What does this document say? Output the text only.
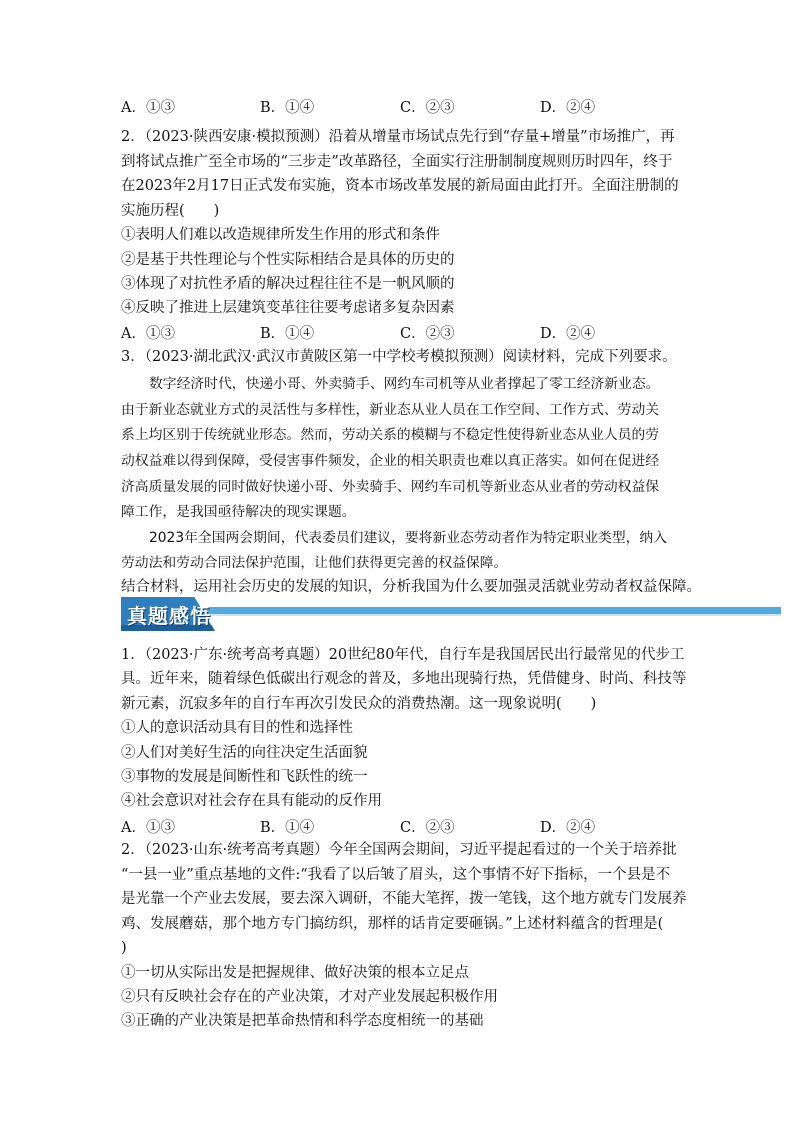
A．①③	B．①④	C．②③	D．②④
2．（2023·陕西安康·模拟预测）沿着从增量市场试点先行到“存量+增量”市场推广，再
到将试点推广至全市场的“三步走”改革路径，全面实行注册制制度规则历时四年，终于
在2023年2月17日正式发布实施，资本市场改革发展的新局面由此打开。全面注册制的
实施历程(　　)
①表明人们难以改造规律所发生作用的形式和条件
②是基于共性理论与个性实际相结合是具体的历史的
③体现了对抗性矛盾的解决过程往往不是一帆风顺的
④反映了推进上层建筑变革往往要考虑诸多复杂因素
A．①③	B．①④	C．②③	D．②④
3．（2023·湖北武汉·武汉市黄陂区第一中学校考模拟预测）阅读材料，完成下列要求。
数字经济时代，快递小哥、外卖骑手、网约车司机等从业者撑起了零工经济新业态。
由于新业态就业方式的灵活性与多样性，新业态从业人员在工作空间、工作方式、劳动关
系上均区别于传统就业形态。然而，劳动关系的模糊与不稳定性使得新业态从业人员的劳
动权益难以得到保障，受侵害事件频发，企业的相关职责也难以真正落实。如何在促进经
济高质量发展的同时做好快递小哥、外卖骑手、网约车司机等新业态从业者的劳动权益保
障工作，是我国亟待解决的现实课题。
2023年全国两会期间，代表委员们建议，要将新业态劳动者作为特定职业类型，纳入
劳动法和劳动合同法保护范围，让他们获得更完善的权益保障。
结合材料，运用社会历史的发展的知识，分析我国为什么要加强灵活就业劳动者权益保障。
真题感悟
1．（2023·广东·统考高考真题）20世纪80年代，自行车是我国居民出行最常见的代步工
具。近年来，随着绿色低碳出行观念的普及，多地出现骑行热，凭借健身、时尚、科技等
新元素，沉寂多年的自行车再次引发民众的消费热潮。这一现象说明(　　)
①人的意识活动具有目的性和选择性
②人们对美好生活的向往决定生活面貌
③事物的发展是间断性和飞跃性的统一
④社会意识对社会存在具有能动的反作用
A．①③	B．①④	C．②③	D．②④
2．（2023·山东·统考高考真题）今年全国两会期间，习近平提起看过的一个关于培养批
“一县一业”重点基地的文件:“我看了以后皱了眉头，这个事情不好下指标，一个县是不
是光靠一个产业去发展，要去深入调研，不能大笔挥，拨一笔钱，这个地方就专门发展养
鸡、发展蘑菇，那个地方专门搞纺织，那样的话肯定要砸锅。”上述材料蕴含的哲理是(
)
①一切从实际出发是把握规律、做好决策的根本立足点
②只有反映社会存在的产业决策，才对产业发展起积极作用
③正确的产业决策是把革命热情和科学态度相统一的基础
